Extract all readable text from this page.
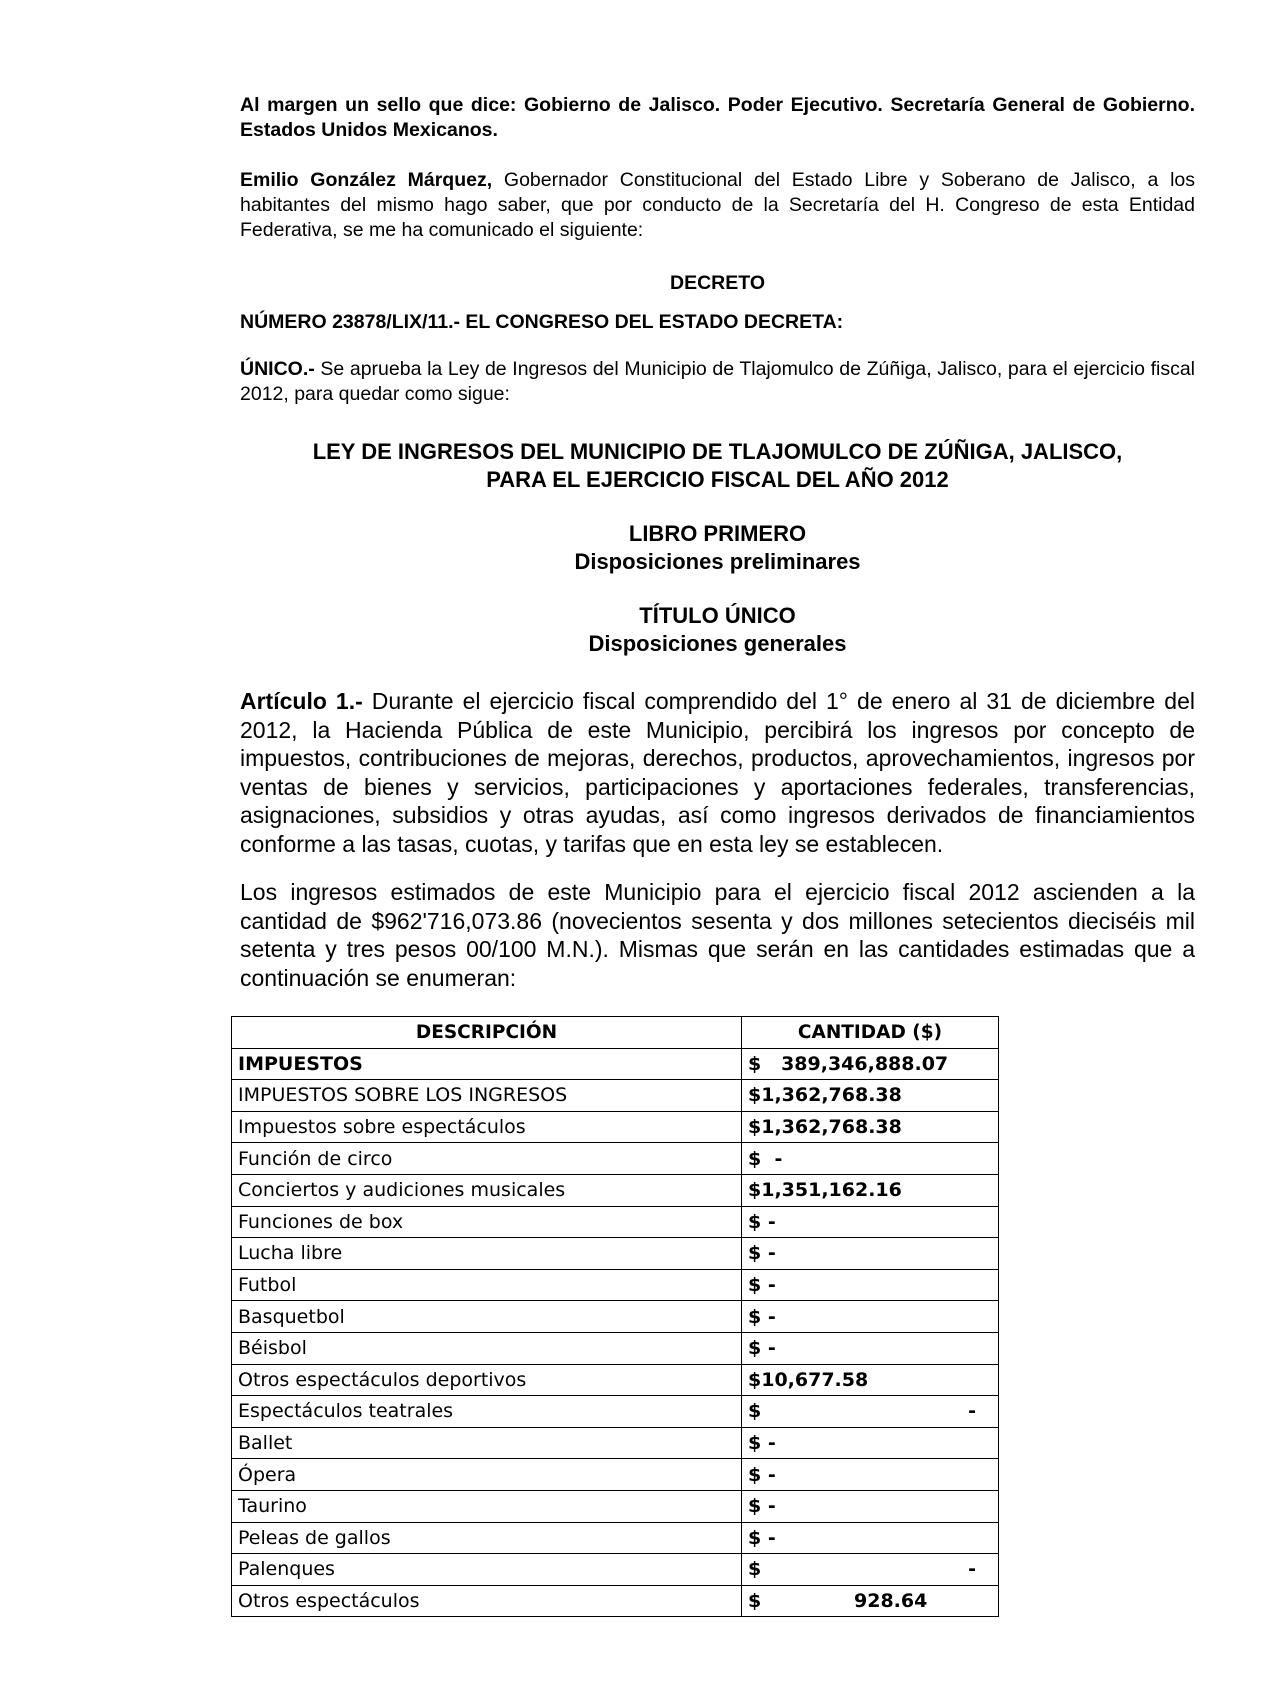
Al margen un sello que dice: Gobierno de Jalisco. Poder Ejecutivo. Secretaría General de Gobierno. Estados Unidos Mexicanos.
Emilio González Márquez, Gobernador Constitucional del Estado Libre y Soberano de Jalisco, a los habitantes del mismo hago saber, que por conducto de la Secretaría del H. Congreso de esta Entidad Federativa, se me ha comunicado el siguiente:
DECRETO
NÚMERO 23878/LIX/11.- EL CONGRESO DEL ESTADO DECRETA:
ÚNICO.- Se aprueba la Ley de Ingresos del Municipio de Tlajomulco de Zúñiga, Jalisco, para el ejercicio fiscal 2012, para quedar como sigue:
LEY DE INGRESOS DEL MUNICIPIO DE TLAJOMULCO DE ZÚÑIGA, JALISCO,
PARA EL EJERCICIO FISCAL DEL AÑO 2012
LIBRO PRIMERO
Disposiciones preliminares
TÍTULO ÚNICO
Disposiciones generales
Artículo 1.- Durante el ejercicio fiscal comprendido del 1° de enero al 31 de diciembre del 2012, la Hacienda Pública de este Municipio, percibirá los ingresos por concepto de impuestos, contribuciones de mejoras, derechos, productos, aprovechamientos, ingresos por ventas de bienes y servicios, participaciones y aportaciones federales, transferencias, asignaciones, subsidios y otras ayudas, así como ingresos derivados de financiamientos conforme a las tasas, cuotas, y tarifas que en esta ley se establecen.
Los ingresos estimados de este Municipio para el ejercicio fiscal 2012 ascienden a la cantidad de $962'716,073.86 (novecientos sesenta y dos millones setecientos dieciséis mil setenta y tres pesos 00/100 M.N.). Mismas que serán en las cantidades estimadas que a continuación se enumeran:
DESCRIPCIÓN	CANTIDAD ($)
IMPUESTOS	$   389,346,888.07
IMPUESTOS SOBRE LOS INGRESOS	$1,362,768.38
Impuestos sobre espectáculos	$1,362,768.38
Función de circo	$  -
Conciertos y audiciones musicales	$1,351,162.16
Funciones de box	$ -
Lucha libre	$ -
Futbol	$ -
Basquetbol	$ -
Béisbol	$ -
Otros espectáculos deportivos	$10,677.58
Espectáculos teatrales	$ -

Ballet	$ -
Ópera	$ -
Taurino	$ -
Peleas de gallos	$ -
Palenques	$ -

Otros espectáculos	$ 928.64
